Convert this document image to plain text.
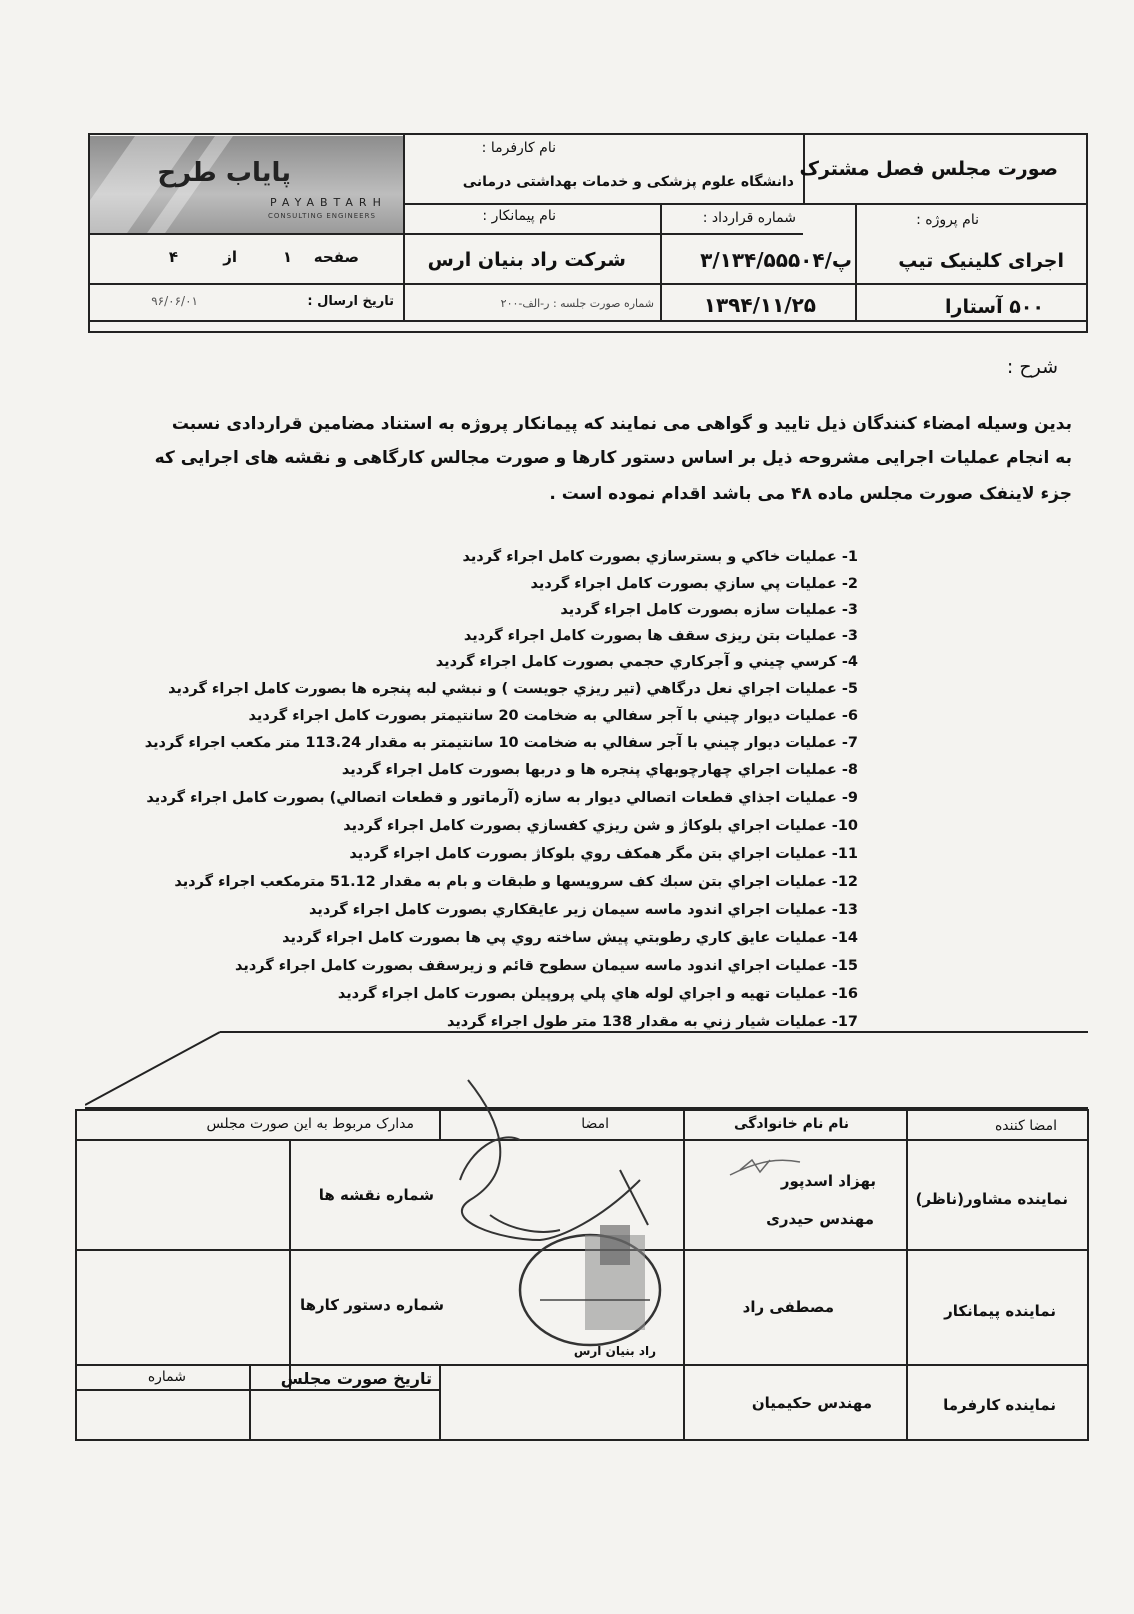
پایاب طرح
PAYABTARH
CONSULTING ENGINEERS
صورت مجلس فصل مشترک
نام کارفرما :
دانشگاه علوم پزشکی و خدمات بهداشتی درمانی
نام پروژه :
اجرای کلینیک تیپ
۵۰۰ آستارا
شماره قرارداد :
پ/۳/۱۳۴/۵۵۵۰۴
۱۳۹۴/۱۱/۲۵
نام پیمانکار :
شرکت راد بنیان ارس
شماره صورت جلسه : ر-الف-۲۰۰
صفحه
۱
از
۴
تاریخ ارسال :
۹۶/۰۶/۰۱
شرح :
بدین وسیله امضاء کنندگان ذیل تایید و گواهی می نمایند که پیمانکار پروژه به استناد مضامین قراردادی نسبت
به انجام عملیات اجرایی مشروحه ذیل بر اساس دستور کارها و صورت مجالس کارگاهی و نقشه های اجرایی که
جزء لاینفک صورت مجلس ماده ۴۸ می باشد اقدام نموده است .
1- عمليات خاكي و بسترسازي بصورت كامل اجراء گرديد
2- عمليات پي سازي بصورت كامل اجراء گرديد
3- عمليات سازه بصورت كامل اجراء گرديد
3- عمليات بتن ريزی سقف ها بصورت كامل اجراء گرديد
4- كرسي چيني و آجركاري حجمي بصورت كامل اجراء گرديد
5- عمليات اجراي نعل درگاهي (تير ريزي جويست ) و نبشي لبه پنجره ها بصورت كامل اجراء گرديد
6- عمليات ديوار چيني با آجر سفالي به ضخامت 20 سانتيمتر بصورت كامل اجراء گرديد
7- عمليات ديوار چيني با آجر سفالي به ضخامت 10 سانتيمتر به مقدار 113.24 متر مكعب اجراء گرديد
8- عمليات اجراي چهارچوبهاي پنجره ها و دربها بصورت كامل اجراء گرديد
9- عمليات اجذاي قطعات اتصالي ديوار به سازه (آرماتور و قطعات اتصالي) بصورت كامل اجراء گرديد
10- عمليات اجراي بلوكاژ و شن ريزي كفسازي بصورت كامل اجراء گرديد
11- عمليات اجراي بتن مگر همكف روي بلوكاژ بصورت كامل اجراء گرديد
12- عمليات اجراي بتن سبك كف سرويسها و طبقات و بام به مقدار 51.12 مترمكعب اجراء گرديد
13- عمليات اجراي اندود ماسه سيمان زير عايقكاري بصورت كامل اجراء گرديد
14- عمليات عايق كاري رطوبتي پيش ساخته روي پي ها بصورت كامل اجراء گرديد
15- عمليات اجراي اندود ماسه سيمان سطوح قائم و زيرسقف بصورت كامل اجراء گرديد
16- عمليات تهيه و اجراي لوله هاي پلي پروپيلن بصورت كامل اجراء گرديد
17- عمليات شيار زني به مقدار 138 متر طول اجراء گرديد
امضا کننده
نام نام خانوادگی
امضا
مدارک مربوط به این صورت مجلس
نماینده مشاور(ناظر)
بهزاد اسدپور
مهندس حیدری
شماره نقشه ها
نماینده پیمانکار
مصطفی راد
شماره دستور کارها
راد بنیان ارس
نماینده کارفرما
مهندس حکیمیان
تاریخ صورت مجلس
شماره
